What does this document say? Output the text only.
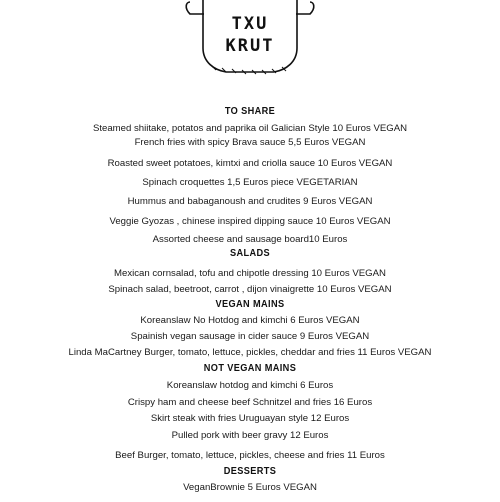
TXU
KRUT
TO SHARE
Steamed shiitake, potatos and paprika oil Galician Style 10 Euros VEGAN
French fries with spicy Brava sauce 5,5 Euros VEGAN
Roasted sweet potatoes, kimtxi and criolla sauce 10 Euros VEGAN
Spinach croquettes 1,5 Euros piece VEGETARIAN
Hummus and babaganoush and crudites 9 Euros VEGAN
Veggie Gyozas , chinese inspired dipping sauce 10 Euros VEGAN
Assorted cheese and sausage board10 Euros
SALADS
Mexican cornsalad, tofu and chipotle dressing 10 Euros VEGAN
Spinach salad, beetroot, carrot , dijon vinaigrette 10 Euros VEGAN
VEGAN MAINS
Koreanslaw No Hotdog and kimchi 6 Euros VEGAN
Spainish vegan sausage in cider sauce 9 Euros VEGAN
Linda MaCartney Burger, tomato, lettuce, pickles, cheddar and fries 11 Euros VEGAN
NOT VEGAN MAINS
Koreanslaw hotdog and kimchi 6 Euros
Crispy ham and cheese beef Schnitzel and fries 16 Euros
Skirt steak with fries Uruguayan style 12 Euros
Pulled pork with beer gravy 12 Euros
Beef Burger, tomato, lettuce, pickles, cheese and fries 11 Euros
DESSERTS
VeganBrownie 5 Euros VEGAN
